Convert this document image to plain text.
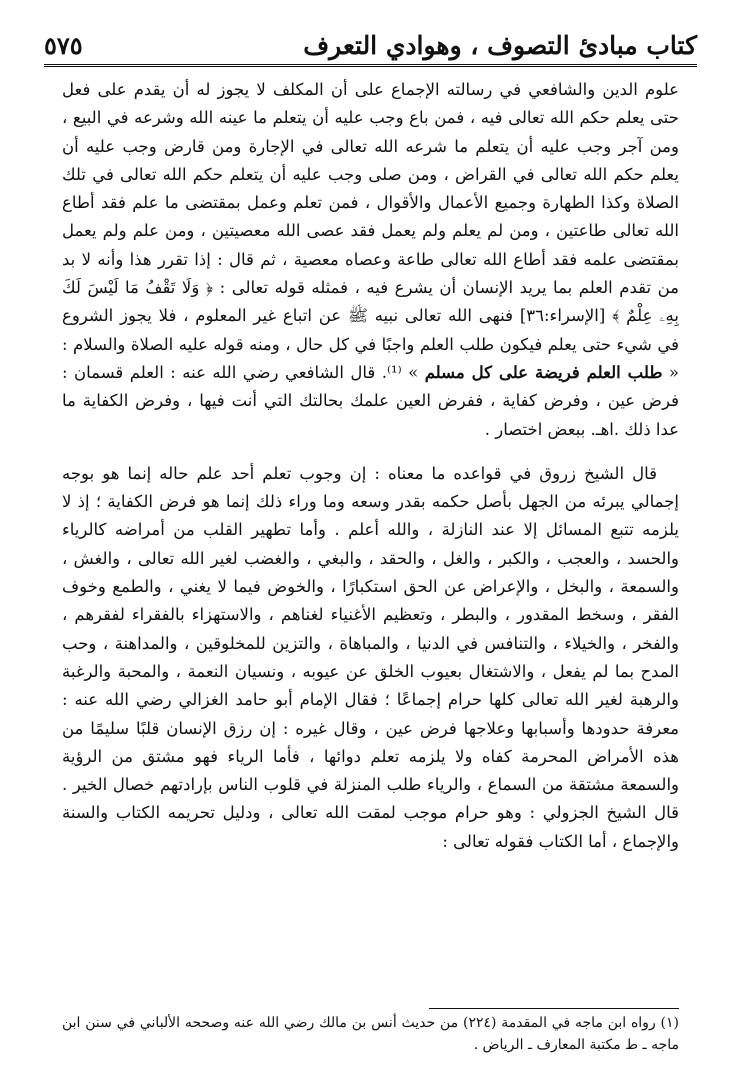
كتاب مبادئ التصوف ، وهوادي التعرف
٥٧٥

علوم الدين والشافعي في رسالته الإجماع على أن المكلف لا يجوز له أن يقدم على فعل حتى يعلم حكم الله تعالى فيه ، فمن باع وجب عليه أن يتعلم ما عينه الله وشرعه في البيع ، ومن آجر وجب عليه أن يتعلم ما شرعه الله تعالى في الإجارة ومن قارض وجب عليه أن يعلم حكم الله تعالى في القراض ، ومن صلى وجب عليه أن يتعلم حكم الله تعالى في تلك الصلاة وكذا الطهارة وجميع الأعمال والأقوال ، فمن تعلم وعمل بمقتضى ما علم فقد أطاع الله تعالى طاعتين ، ومن لم يعلم ولم يعمل فقد عصى الله معصيتين ، ومن علم ولم يعمل بمقتضى علمه فقد أطاع الله تعالى طاعة وعصاه معصية ، ثم قال : إذا تقرر هذا وأنه لا بد من تقدم العلم بما يريد الإنسان أن يشرع فيه ، فمثله قوله تعالى : ﴿ وَلَا تَقْفُ مَا لَيْسَ لَكَ بِهِۦ عِلْمٌ ﴾ [الإسراء:٣٦] فنهى الله تعالى نبيه ﷺ عن اتباع غير المعلوم ، فلا يجوز الشروع في شيء حتى يعلم فيكون طلب العلم واجبًا في كل حال ، ومنه قوله عليه الصلاة والسلام : « طلب العلم فريضة على كل مسلم » ⁽¹⁾. قال الشافعي رضي الله عنه : العلم قسمان : فرض عين ، وفرض كفاية ، ففرض العين علمك بحالتك التي أنت فيها ، وفرض الكفاية ما عدا ذلك .اهـ. ببعض اختصار .

قال الشيخ زروق في قواعده ما معناه : إن وجوب تعلم أحد علم حاله إنما هو بوجه إجمالي يبرئه من الجهل بأصل حكمه بقدر وسعه وما وراء ذلك إنما هو فرض الكفاية ؛ إذ لا يلزمه تتبع المسائل إلا عند النازلة ، والله أعلم . وأما تطهير القلب من أمراضه كالرياء والحسد ، والعجب ، والكبر ، والغل ، والحقد ، والبغي ، والغضب لغير الله تعالى ، والغش ، والسمعة ، والبخل ، والإعراض عن الحق استكبارًا ، والخوض فيما لا يغني ، والطمع وخوف الفقر ، وسخط المقدور ، والبطر ، وتعظيم الأغنياء لغناهم ، والاستهزاء بالفقراء لفقرهم ، والفخر ، والخيلاء ، والتنافس في الدنيا ، والمباهاة ، والتزين للمخلوقين ، والمداهنة ، وحب المدح بما لم يفعل ، والاشتغال بعيوب الخلق عن عيوبه ، ونسيان النعمة ، والمحبة والرغبة والرهبة لغير الله تعالى كلها حرام إجماعًا ؛ فقال الإمام أبو حامد الغزالي رضي الله عنه : معرفة حدودها وأسبابها وعلاجها فرض عين ، وقال غيره : إن رزق الإنسان قلبًا سليمًا من هذه الأمراض المحرمة كفاه ولا يلزمه تعلم دوائها ، فأما الرياء فهو مشتق من الرؤية والسمعة مشتقة من السماع ، والرياء طلب المنزلة في قلوب الناس بإرادتهم خصال الخير . قال الشيخ الجزولي : وهو حرام موجب لمقت الله تعالى ، ودليل تحريمه الكتاب والسنة والإجماع ، أما الكتاب فقوله تعالى :

(١) رواه ابن ماجه في المقدمة (٢٢٤) من حديث أنس بن مالك رضي الله عنه وصححه الألباني في سنن ابن ماجه ـ ط مكتبة المعارف ـ الرياض .
